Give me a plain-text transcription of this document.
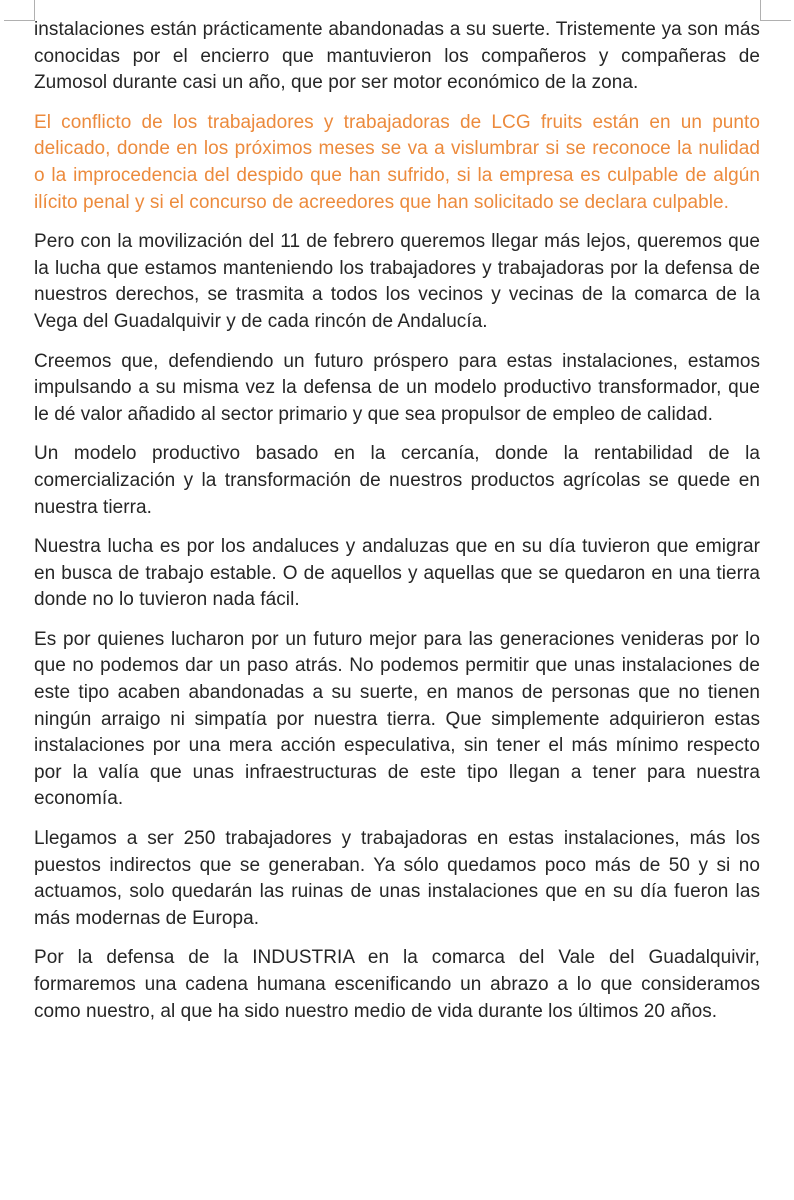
instalaciones están prácticamente abandonadas a su suerte. Tristemente ya son más conocidas por el encierro que mantuvieron los compañeros y compañeras de Zumosol durante casi un año, que por ser motor económico de la zona.

El conflicto de los trabajadores y trabajadoras de LCG fruits están en un punto delicado, donde en los próximos meses se va a vislumbrar si se reconoce la nulidad o la improcedencia del despido que han sufrido, si la empresa es culpable de algún ilícito penal y si el concurso de acreedores que han solicitado se declara culpable.

Pero con la movilización del 11 de febrero queremos llegar más lejos, queremos que la lucha que estamos manteniendo los trabajadores y trabajadoras por la defensa de nuestros derechos, se trasmita a todos los vecinos y vecinas de la comarca de la Vega del Guadalquivir y de cada rincón de Andalucía.

Creemos que, defendiendo un futuro próspero para estas instalaciones, estamos impulsando a su misma vez la defensa de un modelo productivo transformador, que le dé valor añadido al sector primario y que sea propulsor de empleo de calidad.

Un modelo productivo basado en la cercanía, donde la rentabilidad de la comercialización y la transformación de nuestros productos agrícolas se quede en nuestra tierra.

Nuestra lucha es por los andaluces y andaluzas que en su día tuvieron que emigrar en busca de trabajo estable. O de aquellos y aquellas que se quedaron en una tierra donde no lo tuvieron nada fácil.

Es por quienes lucharon por un futuro mejor para las generaciones venideras por lo que no podemos dar un paso atrás. No podemos permitir que unas instalaciones de este tipo acaben abandonadas a su suerte, en manos de personas que no tienen ningún arraigo ni simpatía por nuestra tierra. Que simplemente adquirieron estas instalaciones por una mera acción especulativa, sin tener el más mínimo respecto por la valía que unas infraestructuras de este tipo llegan a tener para nuestra economía.

Llegamos a ser 250 trabajadores y trabajadoras en estas instalaciones, más los puestos indirectos que se generaban. Ya sólo quedamos poco más de 50 y si no actuamos, solo quedarán las ruinas de unas instalaciones que en su día fueron las más modernas de Europa.

Por la defensa de la INDUSTRIA en la comarca del Vale del Guadalquivir, formaremos una cadena humana escenificando un abrazo a lo que consideramos como nuestro, al que ha sido nuestro medio de vida durante los últimos 20 años.
